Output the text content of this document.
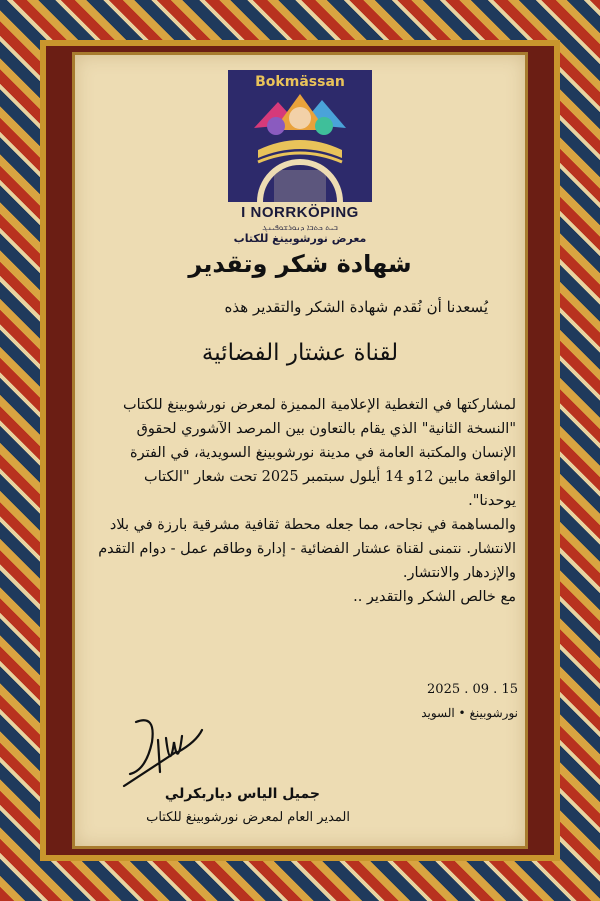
Bokmässan
I NORRKÖPING
ܒܝܬ ܟܬܒܐ ܕܢܘܪܫܘܦܝܢܓ
معرض نورشوبينغ للكتاب
شهادة شكر وتقدير
يُسعدنا أن نُقدم شهادة الشكر والتقدير هذه
لقناة عشتار الفضائية

لمشاركتها في التغطية الإعلامية المميزة لمعرض نورشوبينغ للكتاب "النسخة الثانية" الذي يقام بالتعاون بين المرصد الآشوري لحقوق الإنسان والمكتبة العامة في مدينة نورشوبينغ السويدية، في الفترة الواقعة مابين 12و 14 أيلول سبتمبر 2025 تحت شعار "الكتاب يوحدنا".

والمساهمة في نجاحه، مما جعله محطة ثقافية مشرقية بارزة في بلاد الانتشار. نتمنى لقناة عشتار الفضائية - إدارة وطاقم عمل - دوام التقدم والإزدهار والانتشار.

مع خالص الشكر والتقدير ..

2025 . 09 . 15
نورشوبينغ • السويد
جميل الياس دياربكرلي
المدير العام لمعرض نورشوبينغ للكتاب
